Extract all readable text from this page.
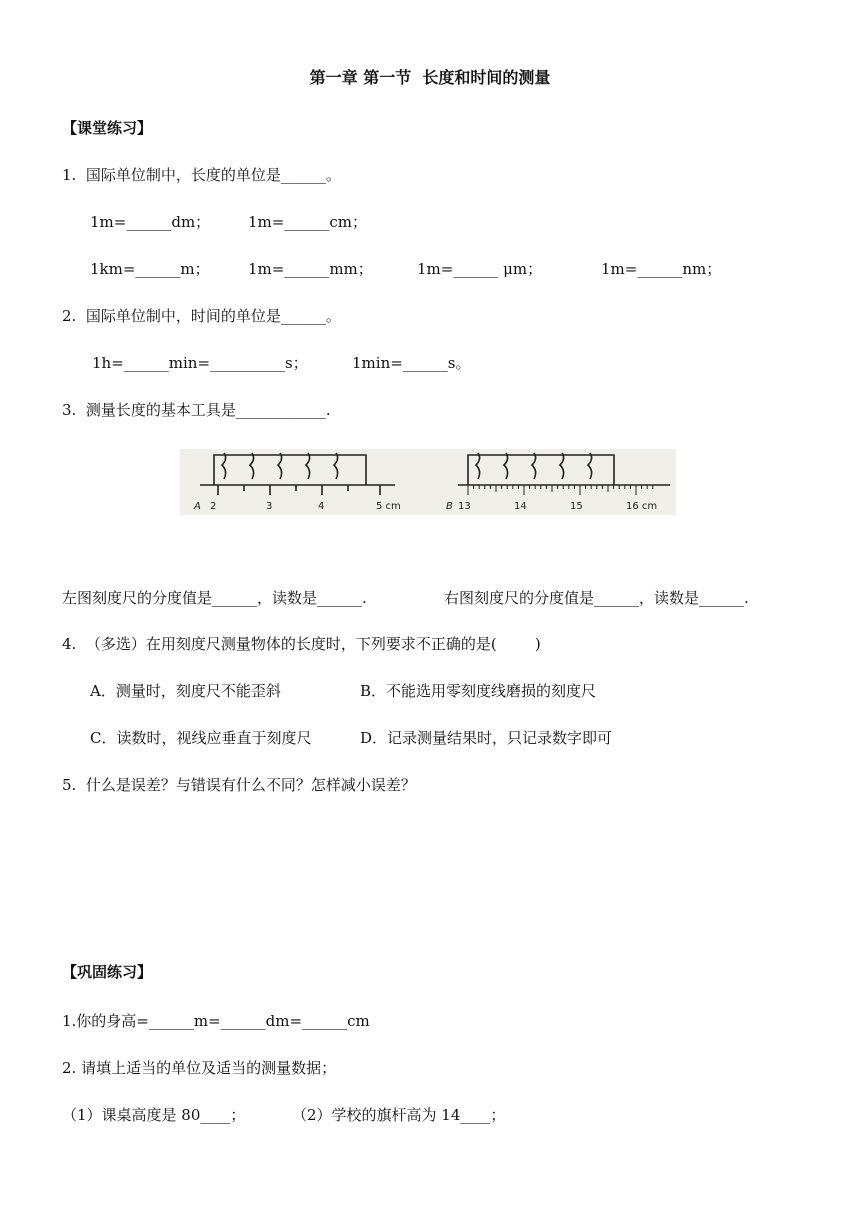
第一章 第一节  长度和时间的测量
【课堂练习】
1.  国际单位制中，长度的单位是______。
1m=______dm；	1m=______cm；
1km=______m；	1m=______mm；	1m=______ μm；	1m=______nm；
2.  国际单位制中，时间的单位是______。
1h=______min=__________s；	1min=______s。
3.  测量长度的基本工具是____________.
A 2	3	4	5 cm	B 13	14	15	16 cm
左图刻度尺的分度值是______，读数是______.	右图刻度尺的分度值是______，读数是______.
4.  （多选）在用刻度尺测量物体的长度时，下列要求不正确的是(        )
A．测量时，刻度尺不能歪斜	B．不能选用零刻度线磨损的刻度尺
C．读数时，视线应垂直于刻度尺	D．记录测量结果时，只记录数字即可
5.  什么是误差？与错误有什么不同？怎样减小误差？
【巩固练习】
1.你的身高=______m=______dm=______cm
2. 请填上适当的单位及适当的测量数据；
（1）课桌高度是 80____；	（2）学校的旗杆高为 14____；
